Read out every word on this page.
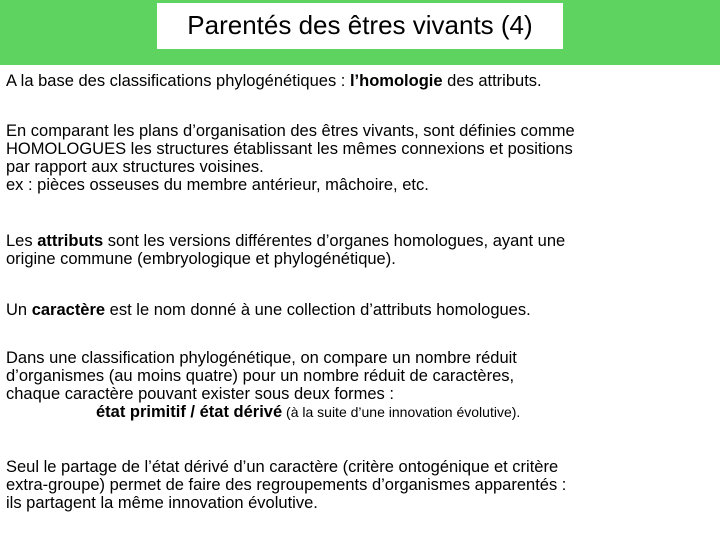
Parentés des êtres vivants (4)

A la base des classifications phylogénétiques : l’homologie des attributs.

En comparant les plans d’organisation des êtres vivants, sont définies comme
HOMOLOGUES les structures établissant les mêmes connexions et positions
par rapport aux structures voisines.
ex : pièces osseuses du membre antérieur, mâchoire, etc.

Les attributs sont les versions différentes d’organes homologues, ayant une
origine commune (embryologique et phylogénétique).

Un caractère est le nom donné à une collection d’attributs homologues.

Dans une classification phylogénétique, on compare un nombre réduit
d’organismes (au moins quatre) pour un nombre réduit de caractères,
chaque caractère pouvant exister sous deux formes :
état primitif / état dérivé (à la suite d’une innovation évolutive).

Seul le partage de l’état dérivé d’un caractère (critère ontogénique et critère
extra-groupe) permet de faire des regroupements d’organismes apparentés :
ils partagent la même innovation évolutive.
